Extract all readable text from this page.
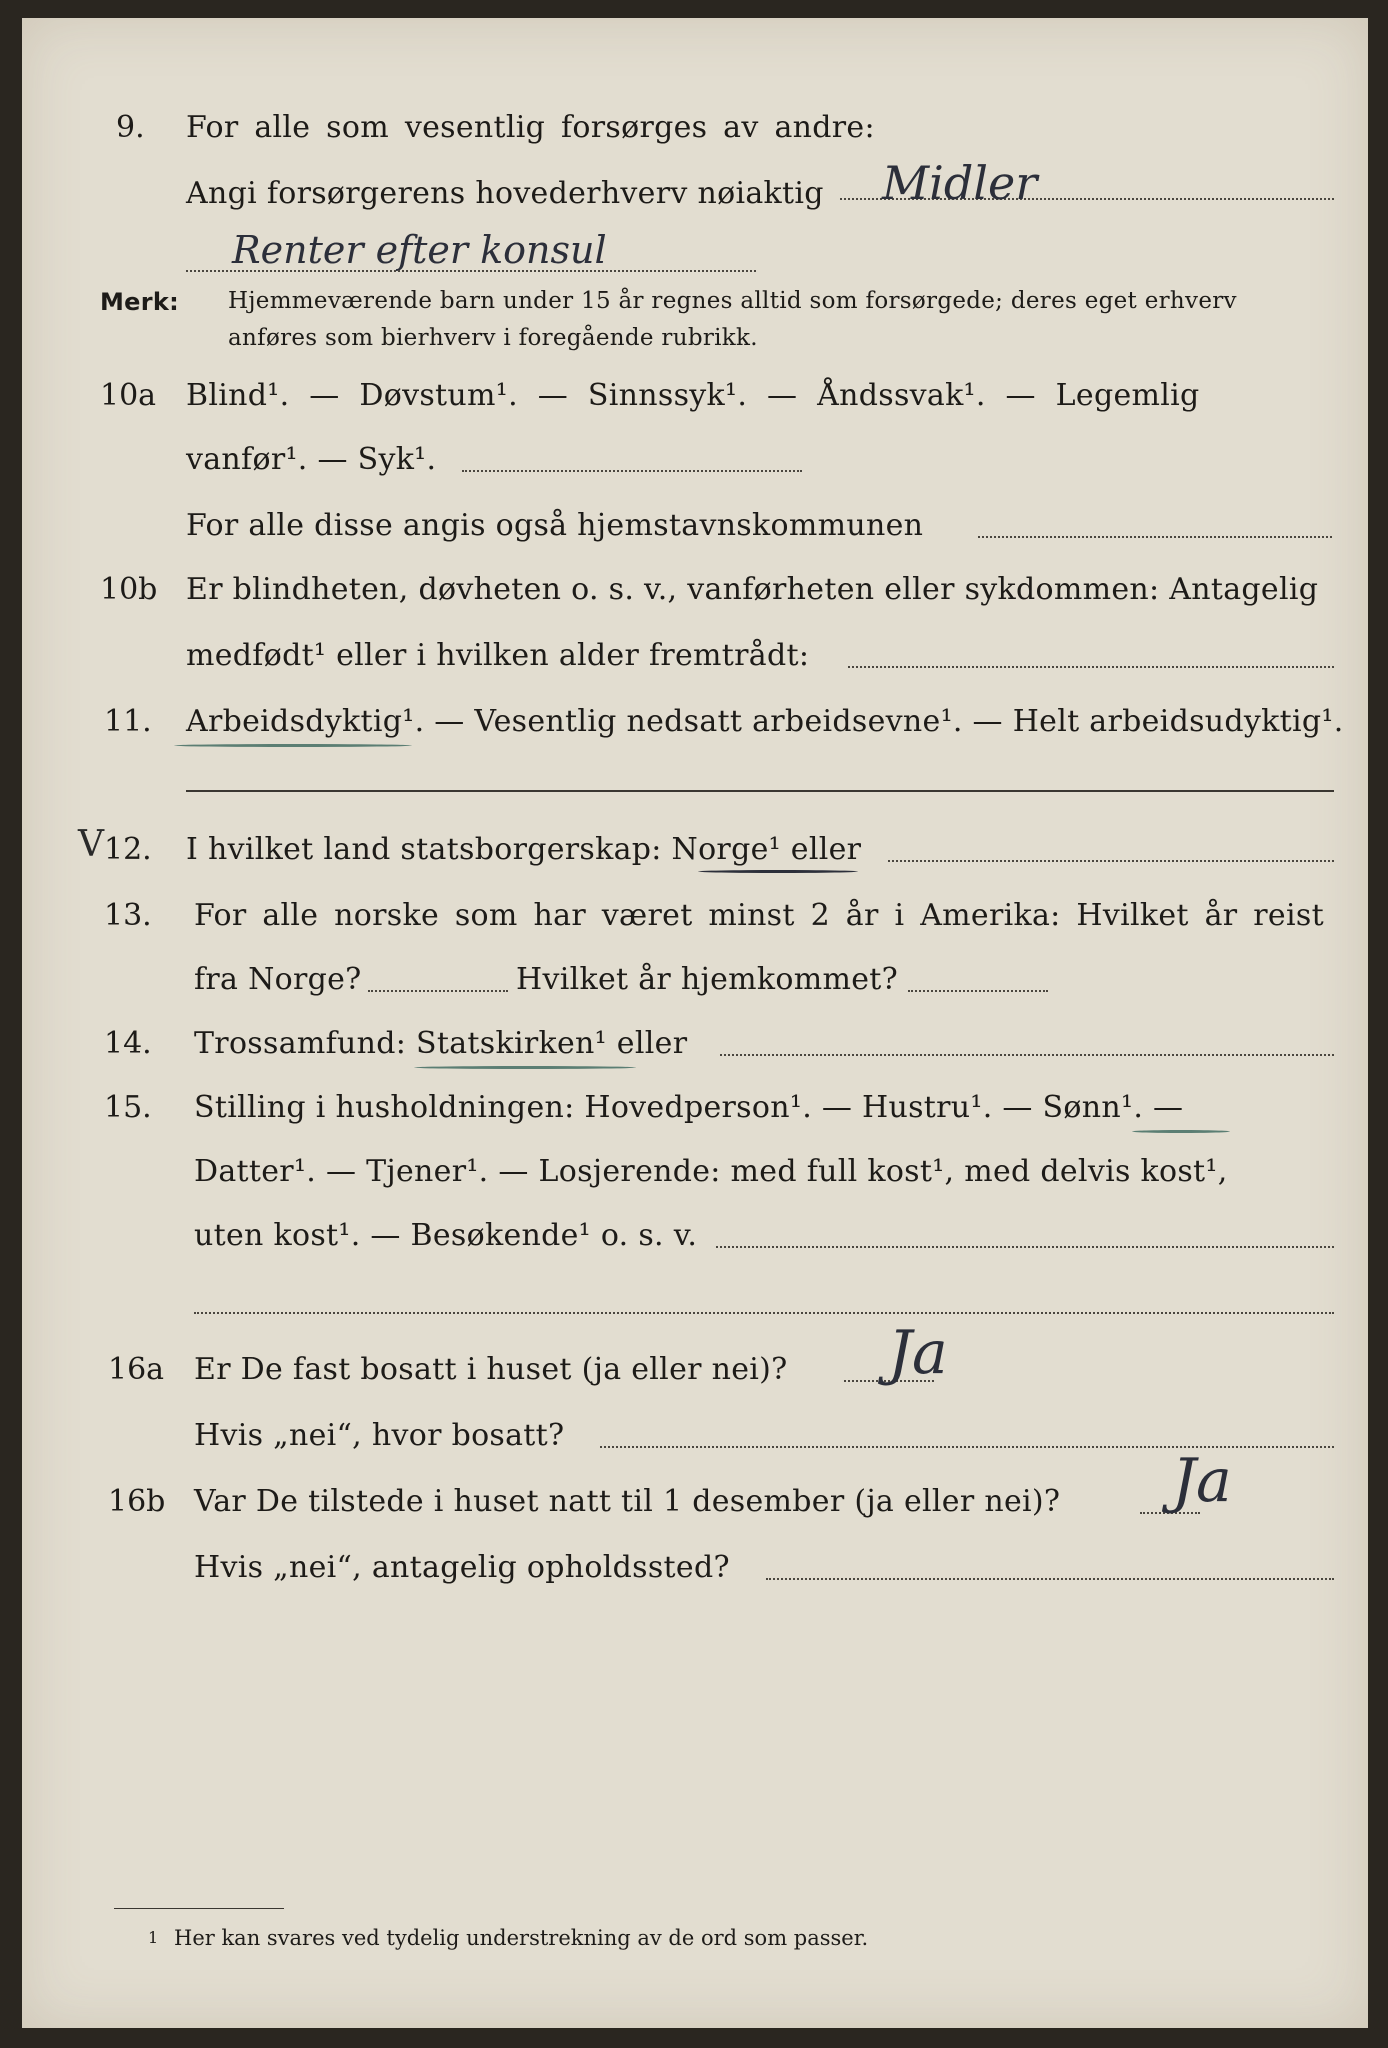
9. For alle som vesentlig forsørges av andre:
Angi forsørgerens hovederhverv nøiaktig Midler
Renter efter konsul
Merk: Hjemmeværende barn under 15 år regnes alltid som forsørgede; deres eget erhverv
anføres som bierhverv i foregående rubrikk.
10a Blind¹. — Døvstum¹. — Sinnssyk¹. — Åndssvak¹. — Legemlig
vanfør¹. — Syk¹.
For alle disse angis også hjemstavnskommunen
10b Er blindheten, døvheten o. s. v., vanførheten eller sykdommen: Antagelig
medfødt¹ eller i hvilken alder fremtrådt:
11. Arbeidsdyktig¹. — Vesentlig nedsatt arbeidsevne¹. — Helt arbeidsudyktig¹.
V 12. I hvilket land statsborgerskap: Norge¹ eller
13. For alle norske som har været minst 2 år i Amerika: Hvilket år reist
fra Norge?	Hvilket år hjemkommet?
14. Trossamfund: Statskirken¹ eller
15. Stilling i husholdningen: Hovedperson¹. — Hustru¹. — Sønn¹. —
Datter¹. — Tjener¹. — Losjerende: med full kost¹, med delvis kost¹,
uten kost¹. — Besøkende¹ o. s. v.
16a Er De fast bosatt i huset (ja eller nei)? Ja
Hvis „nei“, hvor bosatt?
16b Var De tilstede i huset natt til 1 desember (ja eller nei)? Ja
Hvis „nei“, antagelig opholdssted?
1 Her kan svares ved tydelig understrekning av de ord som passer.
